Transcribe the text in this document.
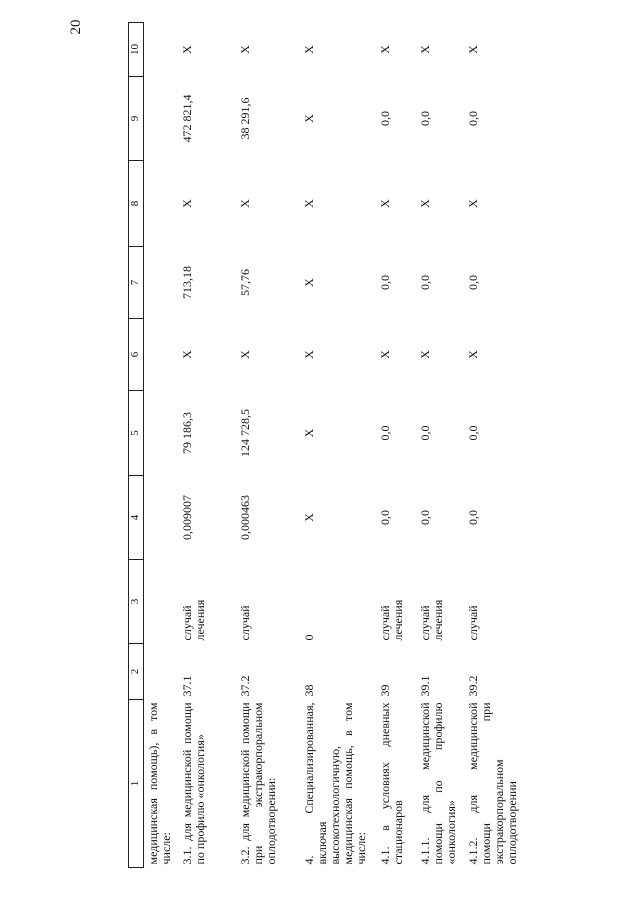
20
1	2	3	4	5	6	7	8	9	10
медицинская помощь), в том числе:									
3.1. для медицинской помощи по профилю «онкология»	37.1	случай лечения	0,009007	79 186,3	X	713,18	X	472 821,4	X
3.2. для медицинской помощи при экстракорпоральном оплодотворении:	37.2	случай	0,000463	124 728,5	X	57,76	X	38 291,6	X
4. Специализированная, включая высокотехнологичную, медицинская помощь, в том числе:	38	0	X	X	X	X	X	X	X
4.1. в условиях дневных стационаров	39	случай лечения	0,0	0,0	X	0,0	X	0,0	X
4.1.1. для медицинской помощи по профилю «онкология»	39.1	случай лечения	0,0	0,0	X	0,0	X	0,0	X
4.1.2. для медицинской помощи при экстракорпоральном оплодотворении	39.2	случай	0,0	0,0	X	0,0	X	0,0	X
